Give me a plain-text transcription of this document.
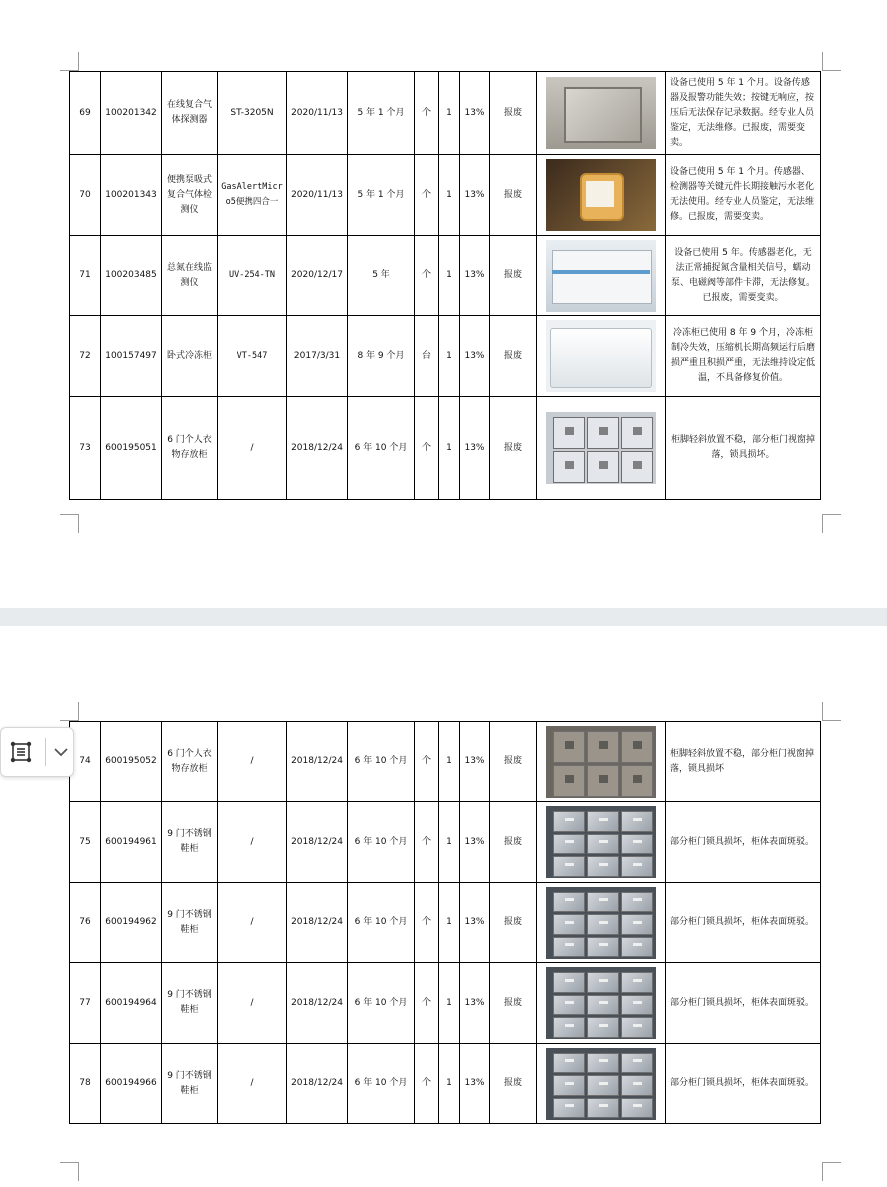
69	100201342	在线复合气体探测器	ST-3205N	2020/11/13	5 年 1 个月	个	1	13%	报废		设备已使用 5 年 1 个月。设备传感器及报警功能失效；按键无响应，按压后无法保存记录数据。经专业人员鉴定，无法维修。已报废，需要变卖。
70	100201343	便携泵吸式复合气体检测仪	GasAlertMicro5便携四合一	2020/11/13	5 年 1 个月	个	1	13%	报废		设备已使用 5 年 1 个月。传感器、检测器等关键元件长期接触污水老化无法使用。经专业人员鉴定，无法维修。已报废，需要变卖。
71	100203485	总氮在线监测仪	UV-254-TN	2020/12/17	5 年	个	1	13%	报废		设备已使用 5 年。传感器老化，无法正常捕捉氮含量相关信号，蠕动泵、电磁阀等部件卡滞，无法修复。已报废，需要变卖。
72	100157497	卧式冷冻柜	VT-547	2017/3/31	8 年 9 个月	台	1	13%	报废		冷冻柜已使用 8 年 9 个月，冷冻柜制冷失效，压缩机长期高频运行后磨损严重且积损严重，无法维持设定低温，不具备修复价值。
73	600195051	6 门个人衣物存放柜	/	2018/12/24	6 年 10 个月	个	1	13%	报废		柜脚轻斜放置不稳，部分柜门视窗掉落，锁具损坏。
74	600195052	6 门个人衣物存放柜	/	2018/12/24	6 年 10 个月	个	1	13%	报废		柜脚轻斜放置不稳，部分柜门视窗掉落，锁具损坏
75	600194961	9 门不锈钢鞋柜	/	2018/12/24	6 年 10 个月	个	1	13%	报废		部分柜门锁具损坏，柜体表面斑驳。
76	600194962	9 门不锈钢鞋柜	/	2018/12/24	6 年 10 个月	个	1	13%	报废		部分柜门锁具损坏，柜体表面斑驳。
77	600194964	9 门不锈钢鞋柜	/	2018/12/24	6 年 10 个月	个	1	13%	报废		部分柜门锁具损坏，柜体表面斑驳。
78	600194966	9 门不锈钢鞋柜	/	2018/12/24	6 年 10 个月	个	1	13%	报废		部分柜门锁具损坏，柜体表面斑驳。
